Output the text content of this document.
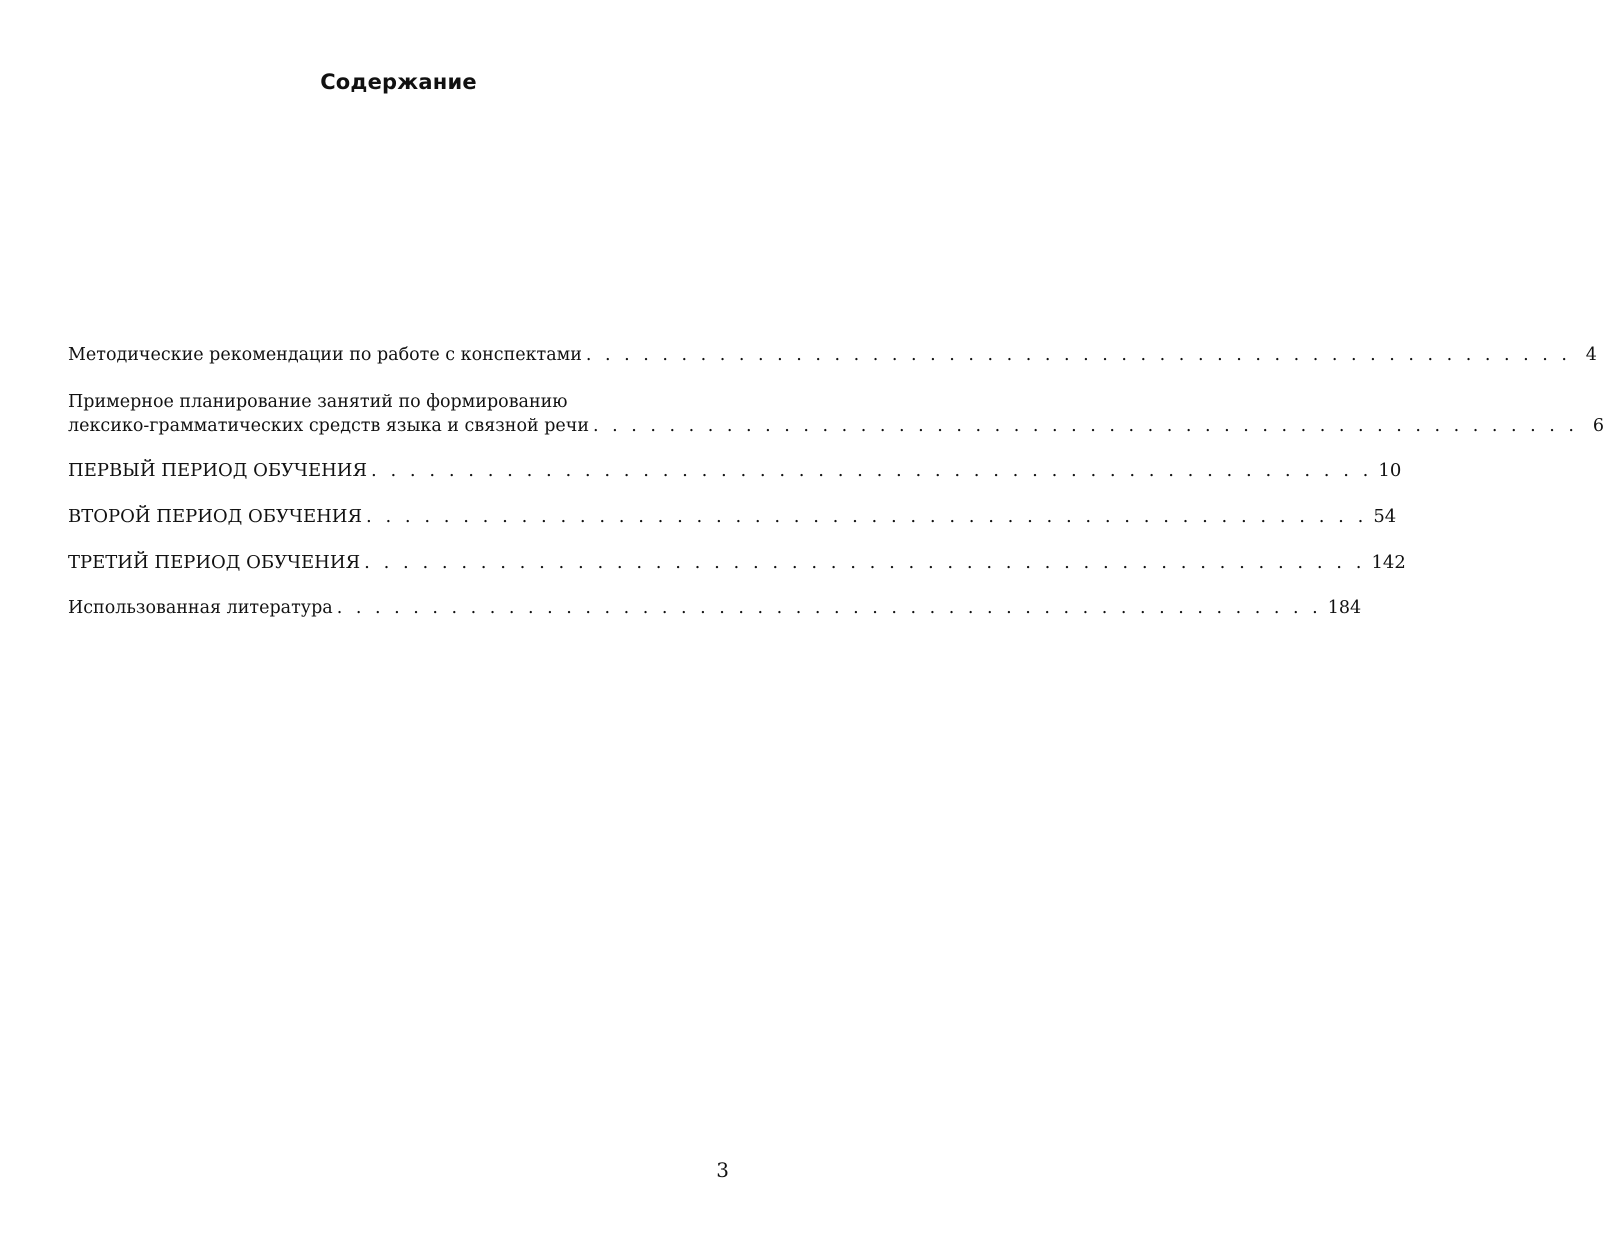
Содержание
Методические рекомендации по работе с конспектами . . . . . . . . . . . . . . . . . . . . . . . . . . . . . . . . . . . . . . . . . . . . . . . . . . . . 4
Примерное планирование занятий по формированию
лексико-грамматических средств языка и связной речи . . . . . . . . . . . . . . . . . . . . . . . . . . . . . . . . . . . . . . . . . . . . . . . . . . . . 6
ПЕРВЫЙ ПЕРИОД ОБУЧЕНИЯ . . . . . . . . . . . . . . . . . . . . . . . . . . . . . . . . . . . . . . . . . . . . . . . . . . . . 10
ВТОРОЙ ПЕРИОД ОБУЧЕНИЯ . . . . . . . . . . . . . . . . . . . . . . . . . . . . . . . . . . . . . . . . . . . . . . . . . . . . 54
ТРЕТИЙ ПЕРИОД ОБУЧЕНИЯ . . . . . . . . . . . . . . . . . . . . . . . . . . . . . . . . . . . . . . . . . . . . . . . . . . . . 142
Использованная литература . . . . . . . . . . . . . . . . . . . . . . . . . . . . . . . . . . . . . . . . . . . . . . . . . . . . 184
3
